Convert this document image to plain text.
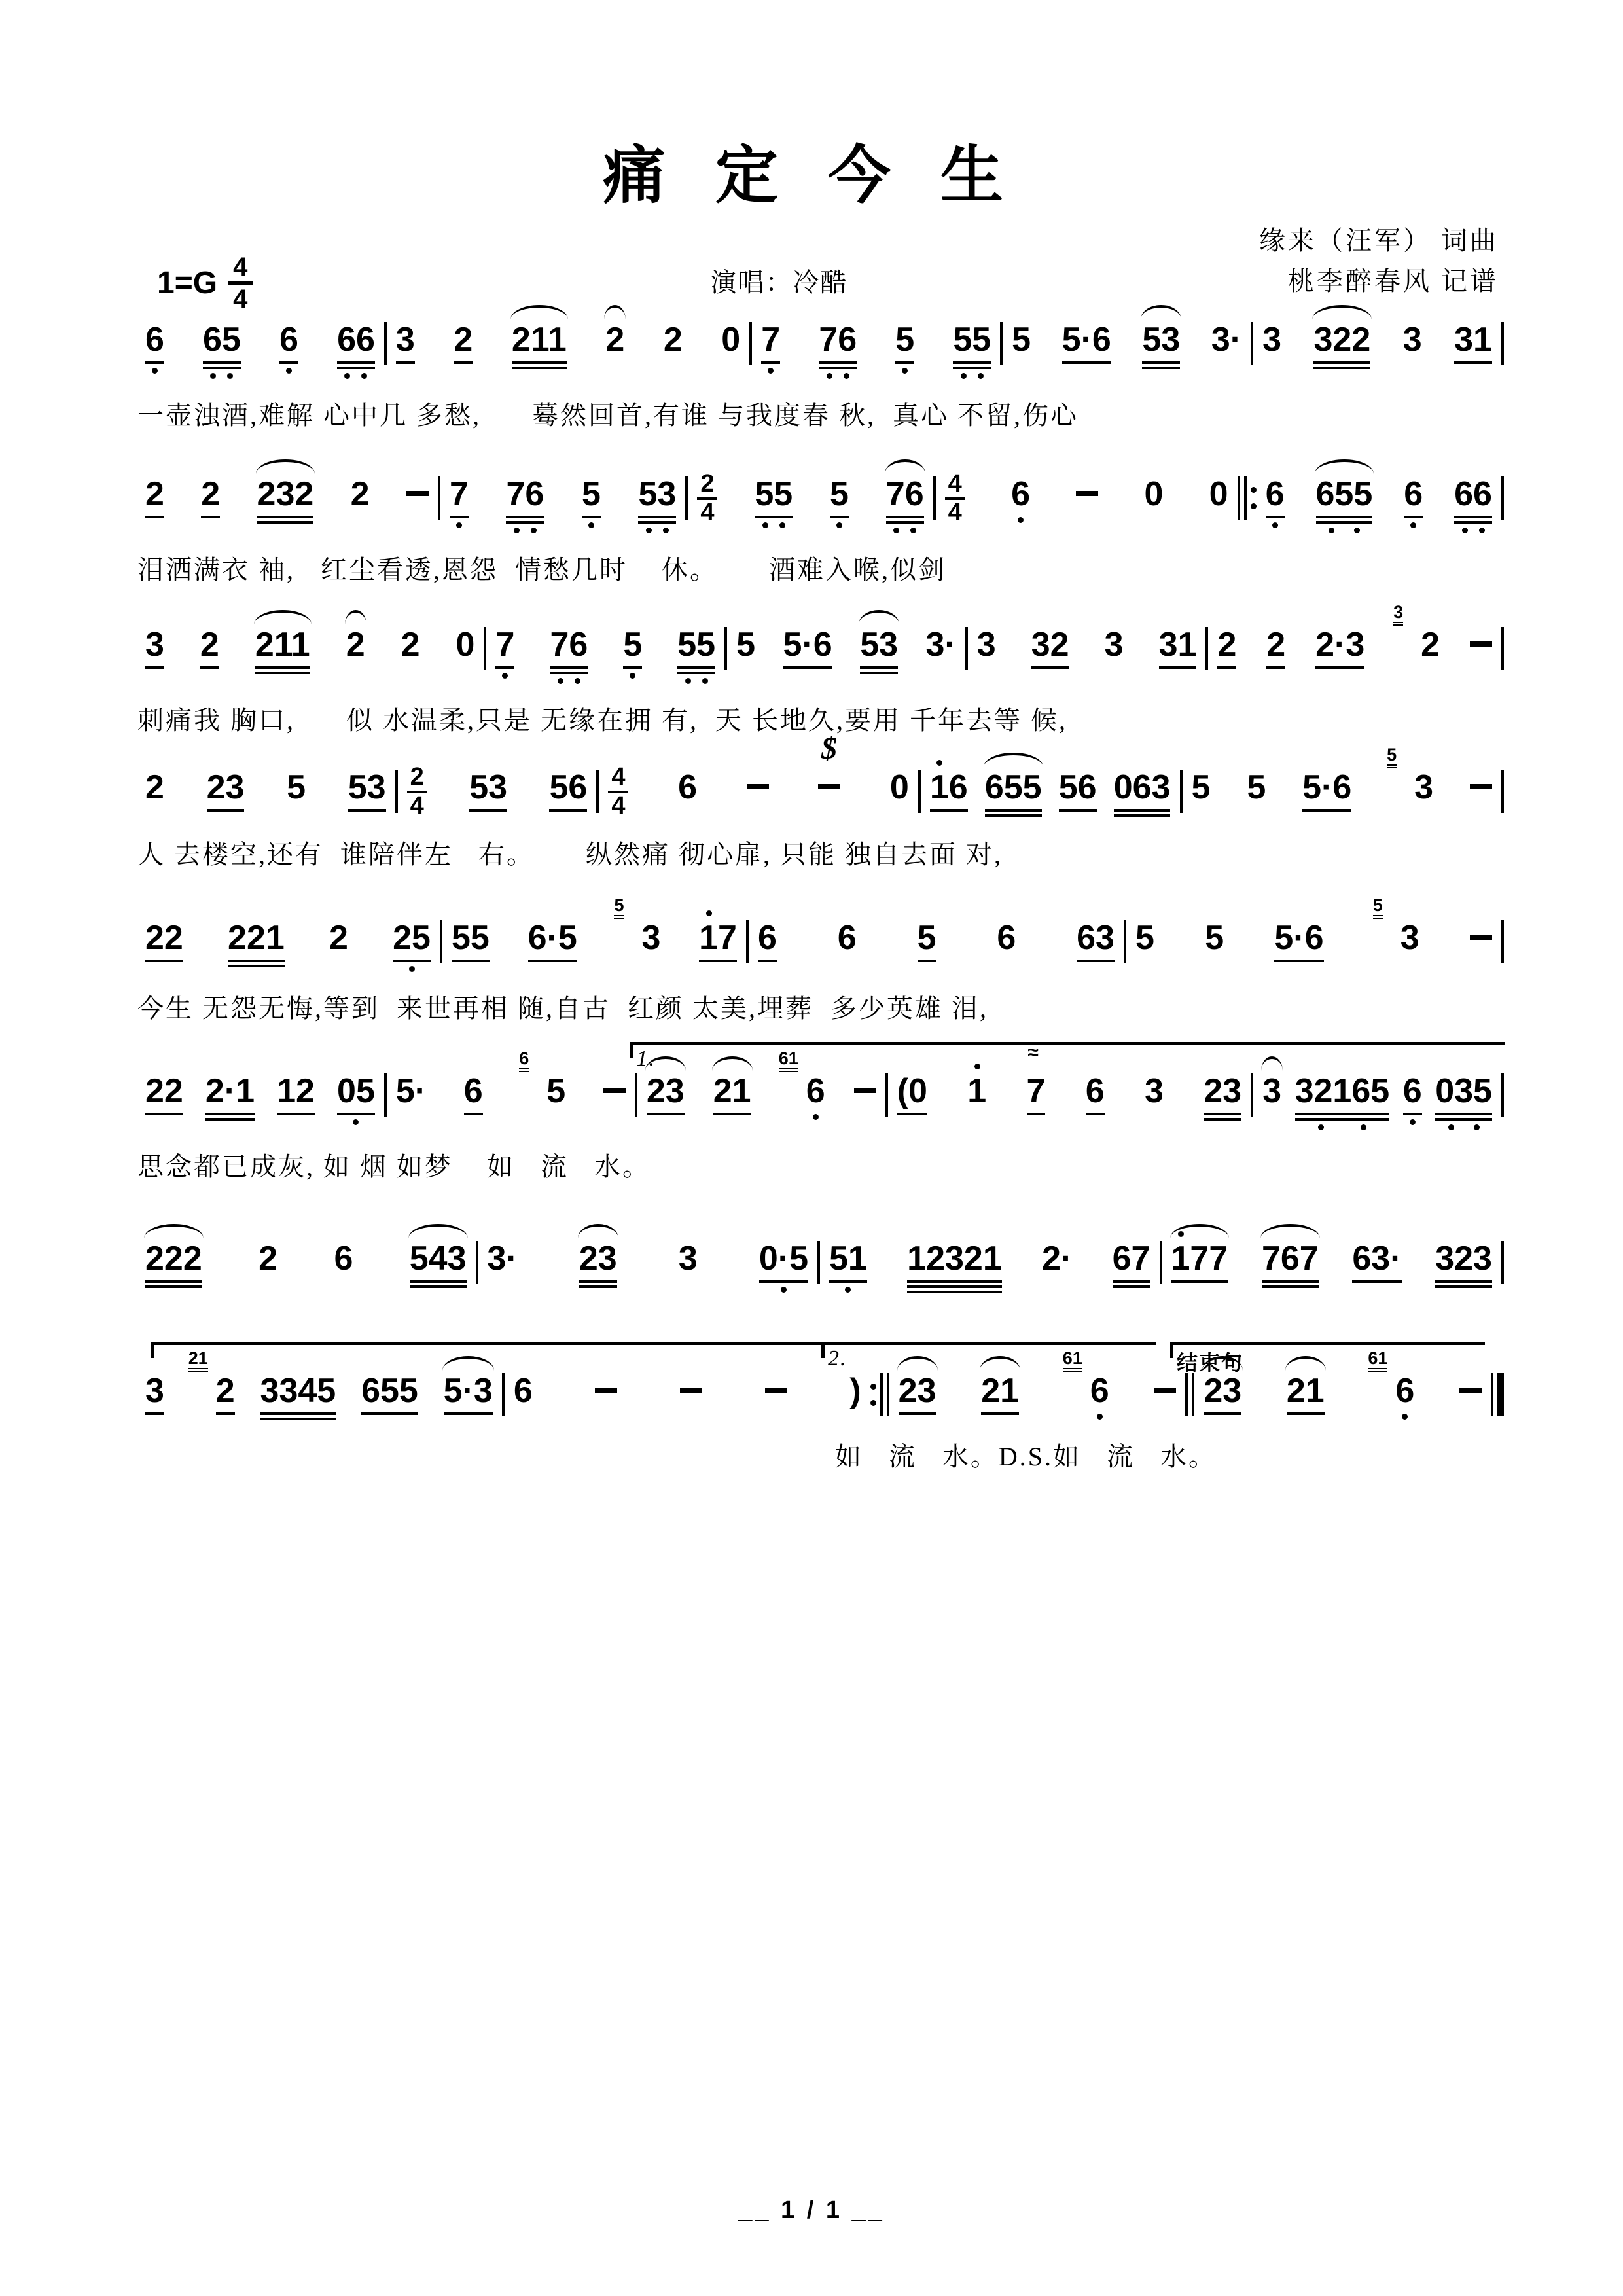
痛 定 今 生
缘来（汪军） 词曲
桃李醉春风 记谱
演唱：冷酷
$1=G \frac{4}{4}$
6 65 6 66 3 2 211 2 2 0 7 76 5 55 5 5·6 53 3· 3 322 3 31
一壶浊酒,难解 心中几 多愁,      蓦然回首,有谁 与我度春 秋,  真心 不留,伤心
2 2 232 2 7 76 5 $53 \frac{2}{4} 55$ 5 $76 \frac{4}{4} 6$	0 0 6 655 6 66
泪洒满衣 袖,   红尘看透,恩怨  情愁几时    休。      酒难入喉,似剑
3 2 211 2 2 0 7 76 5 55 5 5·6 53 3· 3 32 3 31 2 2 2·3 2
3
刺痛我 胸口,      似 水温柔,只是 无缘在拥 有,  天 长地久,要用 千年去等 候,
$
2 23 5 $53 \frac{2}{4} 53$ $56 \frac{4}{4} 6$	0 16 655 56 063 5 5 5·6 3
5
人 去楼空,还有  谁陪伴左   右。      纵然痛 彻心扉, 只能 独自去面 对,
22 221 2 25 55 6·5 3
5
17 6 6 5 6 63 5 5 5·6 3
5
今生 无怨无悔,等到  来世再相 随,自古  红颜 太美,埋葬  多少英雄 泪,
1.
22 2·1 12 05 5· 6 5
6
23 21 6
61
(0 1 7
≈
6 3 23 3 32165 6 035
思念都已成灰, 如 烟 如梦    如   流   水。
222 2 6 543 3· 23 3 0·5 51 12321 2· 67 177 767 63· 323
2.	结束句
3 2
21
3345 655 5·3 6	) 23 21 6
61
23 21 6
61
如   流   水。D.S.如   流   水。
__ 1 / 1 __
